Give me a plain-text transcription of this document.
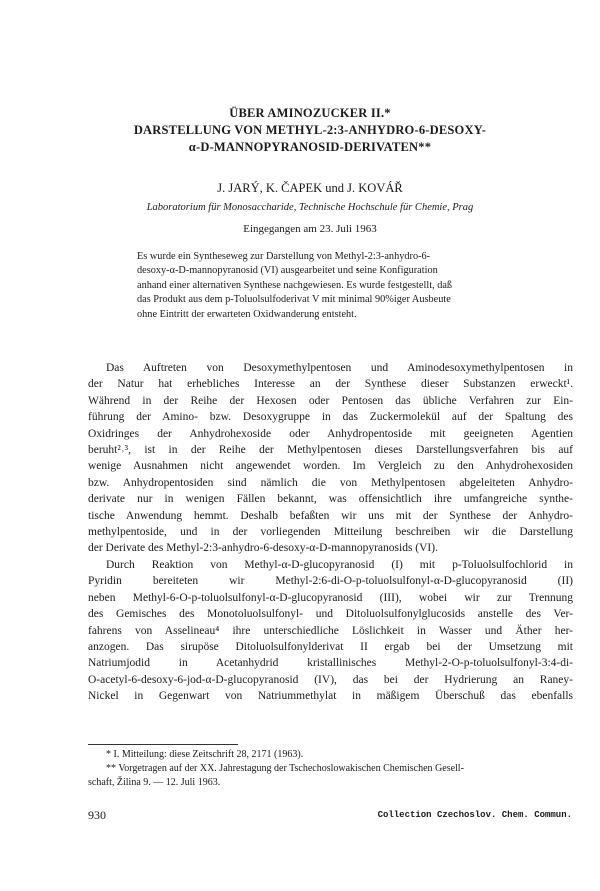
ÜBER AMINOZUCKER II.*
DARSTELLUNG VON METHYL-2:3-ANHYDRO-6-DESOXY-
α-D-MANNOPYRANOSID-DERIVATEN**
J. JARÝ, K. ČAPEK und J. KOVÁŘ
Laboratorium für Monosaccharide, Technische Hochschule für Chemie, Prag
Eingegangen am 23. Juli 1963
Es wurde ein Syntheseweg zur Darstellung von Methyl-2:3-anhydro-6-
desoxy-α-D-mannopyranosid (VI) ausgearbeitet und seine Konfiguration
anhand einer alternativen Synthese nachgewiesen. Es wurde festgestellt, daß
das Produkt aus dem p-Toluolsulfoderivat V mit minimal 90%iger Ausbeute
ohne Eintritt der erwarteten Oxidwanderung entsteht.
Das Auftreten von Desoxymethylpentosen und Aminodesoxymethylpentosen in
der Natur hat erhebliches Interesse an der Synthese dieser Substanzen erweckt¹.
Während in der Reihe der Hexosen oder Pentosen das übliche Verfahren zur Ein-
führung der Amino- bzw. Desoxygruppe in das Zuckermolekül auf der Spaltung des
Oxidringes der Anhydrohexoside oder Anhydropentoside mit geeigneten Agentien
beruht²˒³, ist in der Reihe der Methylpentosen dieses Darstellungsverfahren bis auf
wenige Ausnahmen nicht angewendet worden. Im Vergleich zu den Anhydrohexosiden
bzw. Anhydropentosiden sind nämlich die von Methylpentosen abgeleiteten Anhydro-
derivate nur in wenigen Fällen bekannt, was offensichtlich ihre umfangreiche synthe-
tische Anwendung hemmt. Deshalb befaßten wir uns mit der Synthese der Anhydro-
methylpentoside, und in der vorliegenden Mitteilung beschreiben wir die Darstellung
der Derivate des Methyl-2:3-anhydro-6-desoxy-α-D-mannopyranosids (VI).
Durch Reaktion von Methyl-α-D-glucopyranosid (I) mit p-Toluolsulfochlorid in
Pyridin bereiteten wir Methyl-2:6-di-O-p-toluolsulfonyl-α-D-glucopyranosid (II)
neben Methyl-6-O-p-toluolsulfonyl-α-D-glucopyranosid (III), wobei wir zur Trennung
des Gemisches des Monotoluolsulfonyl- und Ditoluolsulfonylglucosids anstelle des Ver-
fahrens von Asselineau⁴ ihre unterschiedliche Löslichkeit in Wasser und Äther her-
anzogen. Das sirupöse Ditoluolsulfonylderivat II ergab bei der Umsetzung mit
Natriumjodid in Acetanhydrid kristallinisches Methyl-2-O-p-toluolsulfonyl-3:4-di-
O-acetyl-6-desoxy-6-jod-α-D-glucopyranosid (IV), das bei der Hydrierung an Raney-
Nickel in Gegenwart von Natriummethylat in mäßigem Überschuß das ebenfalls
* I. Mitteilung: diese Zeitschrift 28, 2171 (1963).
** Vorgetragen auf der XX. Jahrestagung der Tschechoslowakischen Chemischen Gesell-
schaft, Žilina 9. — 12. Juli 1963.
930	Collection Czechoslov. Chem. Commun.
